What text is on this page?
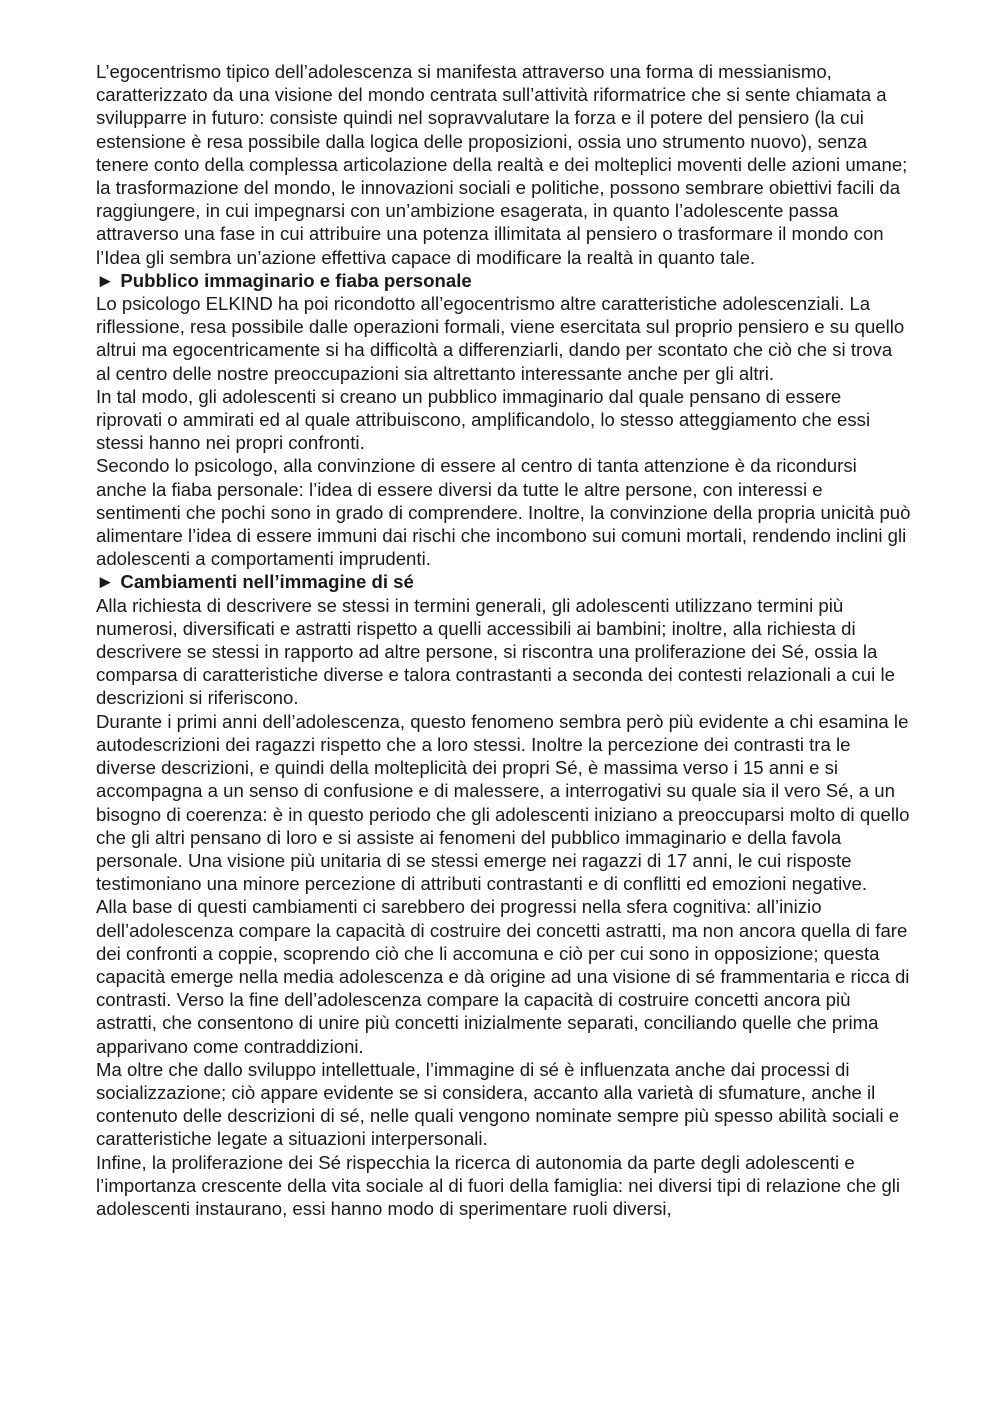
L’egocentrismo tipico dell’adolescenza si manifesta attraverso una forma di messianismo, caratterizzato da una visione del mondo centrata sull’attività riformatrice che si sente chiamata a svilupparre in futuro: consiste quindi nel sopravvalutare la forza e il potere del pensiero (la cui estensione è resa possibile dalla logica delle proposizioni, ossia uno strumento nuovo), senza tenere conto della complessa articolazione della realtà e dei molteplici moventi delle azioni umane; la trasformazione del mondo, le innovazioni sociali e politiche, possono sembrare obiettivi facili da raggiungere, in cui impegnarsi con un’ambizione esagerata, in quanto l’adolescente passa attraverso una fase in cui attribuire una potenza illimitata al pensiero o trasformare il mondo con l’Idea gli sembra un’azione effettiva capace di modificare la realtà in quanto tale.

► Pubblico immaginario e fiaba personale

Lo psicologo ELKIND ha poi ricondotto all’egocentrismo altre caratteristiche adolescenziali. La riflessione, resa possibile dalle operazioni formali, viene esercitata sul proprio pensiero e su quello altrui ma egocentricamente si ha difficoltà a differenziarli, dando per scontato che ciò che si trova al centro delle nostre preoccupazioni sia altrettanto interessante anche per gli altri.

In tal modo, gli adolescenti si creano un pubblico immaginario dal quale pensano di essere riprovati o ammirati ed al quale attribuiscono, amplificandolo, lo stesso atteggiamento che essi stessi hanno nei propri confronti.

Secondo lo psicologo, alla convinzione di essere al centro di tanta attenzione è da ricondursi anche la fiaba personale: l’idea di essere diversi da tutte le altre persone, con interessi e sentimenti che pochi sono in grado di comprendere. Inoltre, la convinzione della propria unicità può alimentare l’idea di essere immuni dai rischi che incombono sui comuni mortali, rendendo inclini gli adolescenti a comportamenti imprudenti.

► Cambiamenti nell’immagine di sé

Alla richiesta di descrivere se stessi in termini generali, gli adolescenti utilizzano termini più numerosi, diversificati e astratti rispetto a quelli accessibili ai bambini; inoltre, alla richiesta di descrivere se stessi in rapporto ad altre persone, si riscontra una proliferazione dei Sé, ossia la comparsa di caratteristiche diverse e talora contrastanti a seconda dei contesti relazionali a cui le descrizioni si riferiscono.

Durante i primi anni dell’adolescenza, questo fenomeno sembra però più evidente a chi esamina le autodescrizioni dei ragazzi rispetto che a loro stessi. Inoltre la percezione dei contrasti tra le diverse descrizioni, e quindi della molteplicità dei propri Sé, è massima verso i 15 anni e si accompagna a un senso di confusione e di malessere, a interrogativi su quale sia il vero Sé, a un bisogno di coerenza: è in questo periodo che gli adolescenti iniziano a preoccuparsi molto di quello che gli altri pensano di loro e si assiste ai fenomeni del pubblico immaginario e della favola personale. Una visione più unitaria di se stessi emerge nei ragazzi di 17 anni, le cui risposte testimoniano una minore percezione di attributi contrastanti e di conflitti ed emozioni negative.

Alla base di questi cambiamenti ci sarebbero dei progressi nella sfera cognitiva: all’inizio dell’adolescenza compare la capacità di costruire dei concetti astratti, ma non ancora quella di fare dei confronti a coppie, scoprendo ciò che li accomuna e ciò per cui sono in opposizione; questa capacità emerge nella media adolescenza e dà origine ad una visione di sé frammentaria e ricca di contrasti. Verso la fine dell’adolescenza compare la capacità di costruire concetti ancora più astratti, che consentono di unire più concetti inizialmente separati, conciliando quelle che prima apparivano come contraddizioni.

Ma oltre che dallo sviluppo intellettuale, l’immagine di sé è influenzata anche dai processi di socializzazione; ciò appare evidente se si considera, accanto alla varietà di sfumature, anche il contenuto delle descrizioni di sé, nelle quali vengono nominate sempre più spesso abilità sociali e caratteristiche legate a situazioni interpersonali.

Infine, la proliferazione dei Sé rispecchia la ricerca di autonomia da parte degli adolescenti e l’importanza crescente della vita sociale al di fuori della famiglia: nei diversi tipi di relazione che gli adolescenti instaurano, essi hanno modo di sperimentare ruoli diversi,
